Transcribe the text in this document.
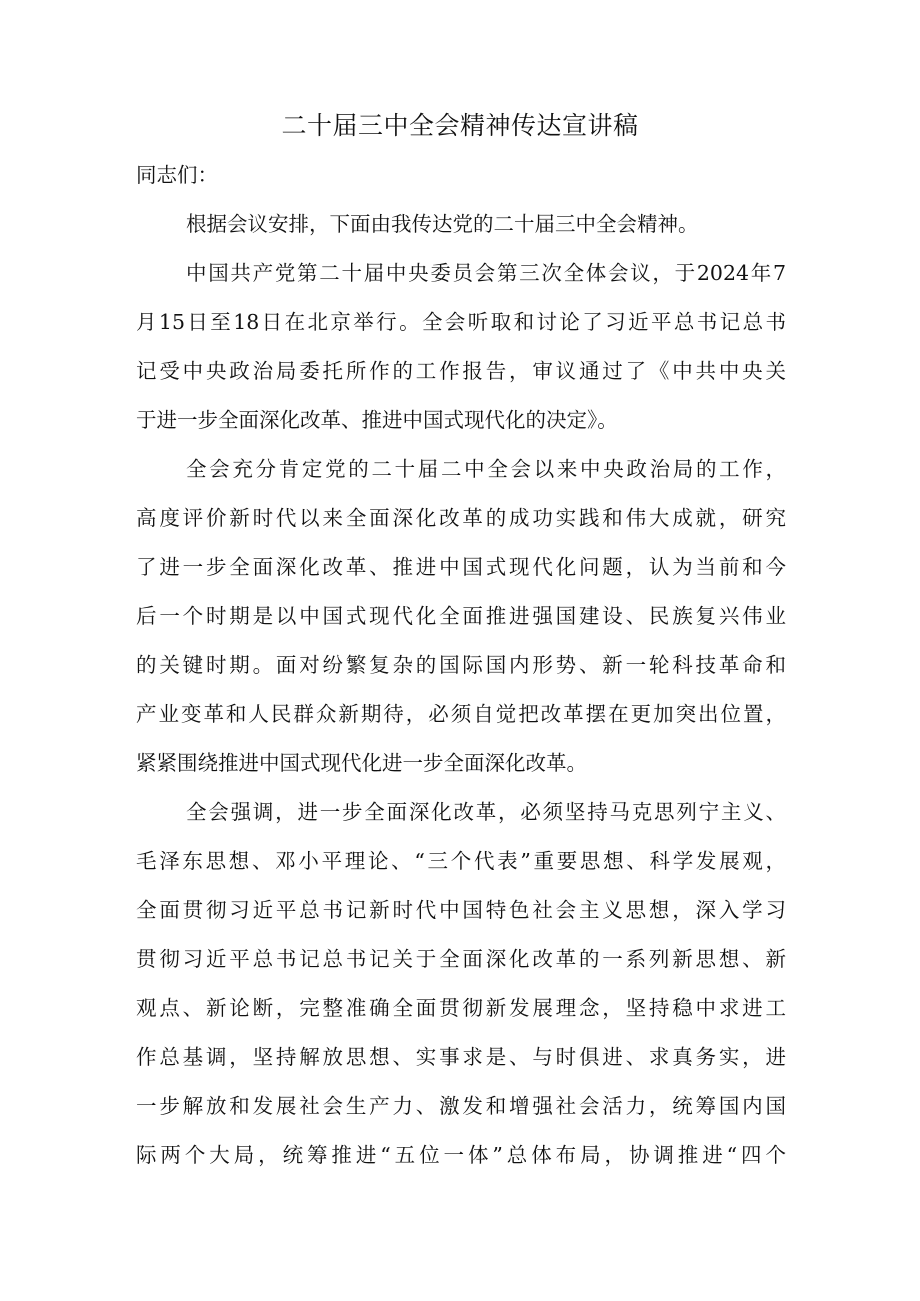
二十届三中全会精神传达宣讲稿
同志们：
根据会议安排，下面由我传达党的二十届三中全会精神。
中国共产党第二十届中央委员会第三次全体会议，于2024年7
月15日至18日在北京举行。全会听取和讨论了习近平总书记总书
记受中央政治局委托所作的工作报告，审议通过了《中共中央关
于进一步全面深化改革、推进中国式现代化的决定》。
全会充分肯定党的二十届二中全会以来中央政治局的工作，
高度评价新时代以来全面深化改革的成功实践和伟大成就，研究
了进一步全面深化改革、推进中国式现代化问题，认为当前和今
后一个时期是以中国式现代化全面推进强国建设、民族复兴伟业
的关键时期。面对纷繁复杂的国际国内形势、新一轮科技革命和
产业变革和人民群众新期待，必须自觉把改革摆在更加突出位置，
紧紧围绕推进中国式现代化进一步全面深化改革。
全会强调，进一步全面深化改革，必须坚持马克思列宁主义、
毛泽东思想、邓小平理论、“三个代表”重要思想、科学发展观，
全面贯彻习近平总书记新时代中国特色社会主义思想，深入学习
贯彻习近平总书记总书记关于全面深化改革的一系列新思想、新
观点、新论断，完整准确全面贯彻新发展理念，坚持稳中求进工
作总基调，坚持解放思想、实事求是、与时俱进、求真务实，进
一步解放和发展社会生产力、激发和增强社会活力，统筹国内国
际两个大局，统筹推进“五位一体”总体布局，协调推进“四个
